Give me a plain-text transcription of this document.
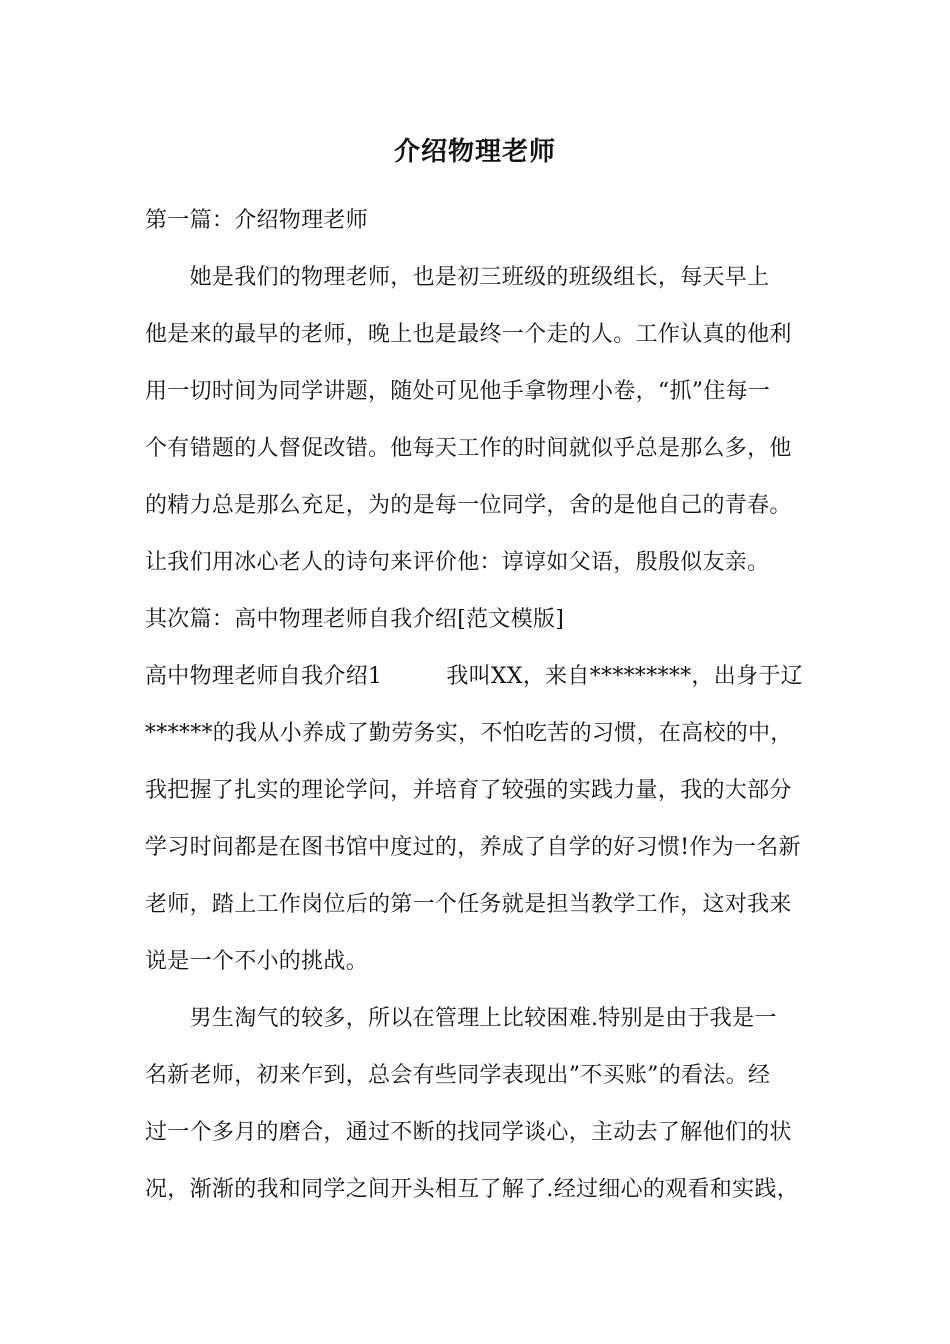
介绍物理老师
第一篇：介绍物理老师
　　她是我们的物理老师，也是初三班级的班级组长，每天早上
他是来的最早的老师，晚上也是最终一个走的人。工作认真的他利
用一切时间为同学讲题，随处可见他手拿物理小卷，“抓”住每一
个有错题的人督促改错。他每天工作的时间就似乎总是那么多，他
的精力总是那么充足，为的是每一位同学，舍的是他自己的青春。
让我们用冰心老人的诗句来评价他：谆谆如父语，殷殷似友亲。
其次篇：高中物理老师自我介绍[范文模版]
高中物理老师自我介绍1	我叫XX，来自*********，出身于辽
******的我从小养成了勤劳务实，不怕吃苦的习惯，在高校的中，
我把握了扎实的理论学问，并培育了较强的实践力量，我的大部分
学习时间都是在图书馆中度过的，养成了自学的好习惯!作为一名新
老师，踏上工作岗位后的第一个任务就是担当教学工作，这对我来
说是一个不小的挑战。
　　男生淘气的较多，所以在管理上比较困难.特别是由于我是一
名新老师，初来乍到，总会有些同学表现出”不买账”的看法。经
过一个多月的磨合，通过不断的找同学谈心，主动去了解他们的状
况，渐渐的我和同学之间开头相互了解了.经过细心的观看和实践，
